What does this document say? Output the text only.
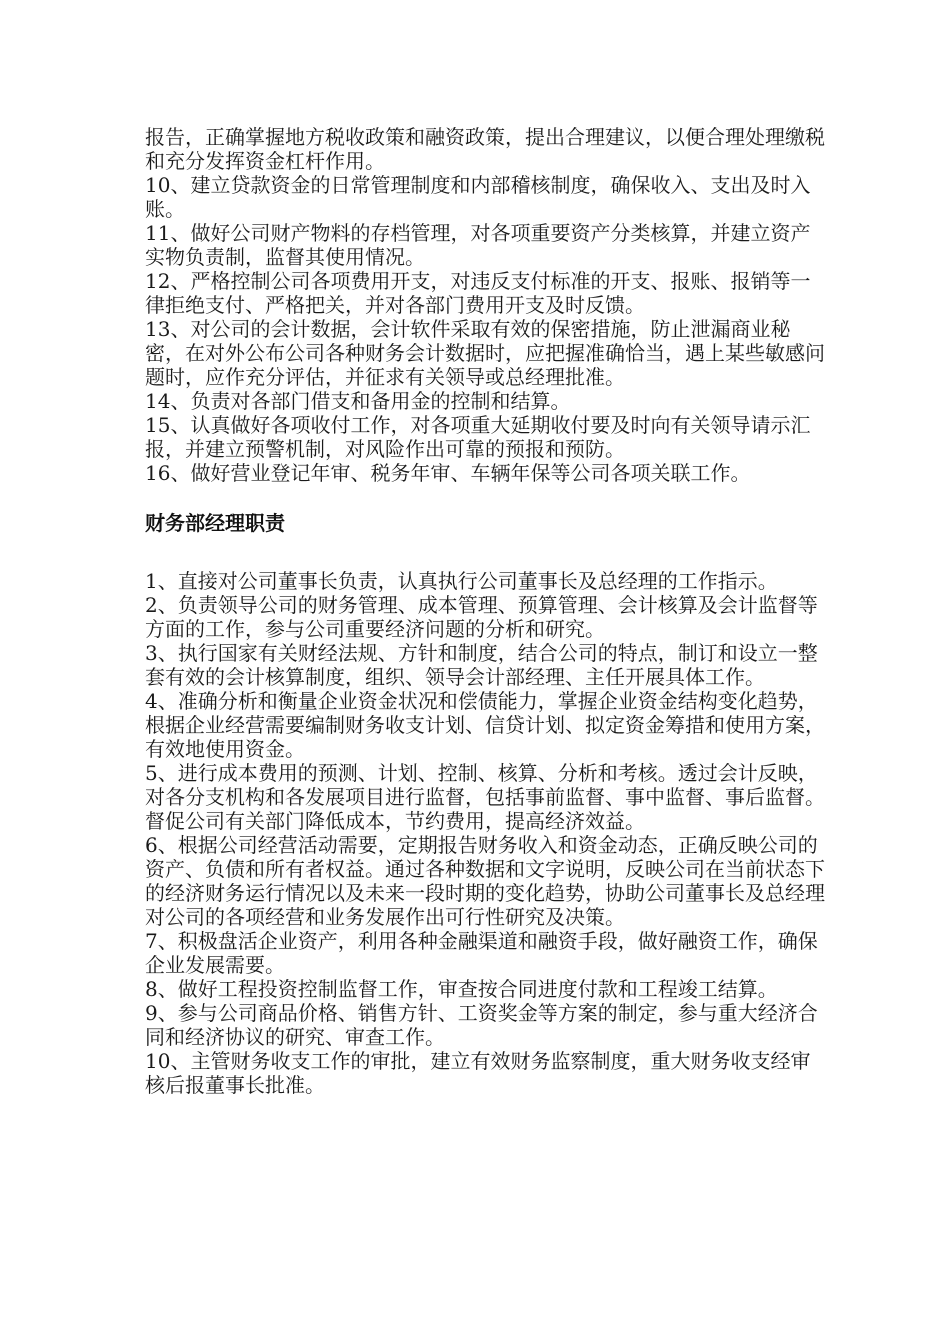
报告，正确掌握地方税收政策和融资政策，提出合理建议，以便合理处理缴税和充分发挥资金杠杆作用。

10、建立贷款资金的日常管理制度和内部稽核制度，确保收入、支出及时入账。

11、做好公司财产物料的存档管理，对各项重要资产分类核算，并建立资产实物负责制，监督其使用情况。

12、严格控制公司各项费用开支，对违反支付标准的开支、报账、报销等一律拒绝支付、严格把关，并对各部门费用开支及时反馈。

13、对公司的会计数据，会计软件采取有效的保密措施，防止泄漏商业秘密，在对外公布公司各种财务会计数据时，应把握准确恰当，遇上某些敏感问题时，应作充分评估，并征求有关领导或总经理批准。

14、负责对各部门借支和备用金的控制和结算。

15、认真做好各项收付工作，对各项重大延期收付要及时向有关领导请示汇报，并建立预警机制，对风险作出可靠的预报和预防。

16、做好营业登记年审、税务年审、车辆年保等公司各项关联工作。

财务部经理职责

1、直接对公司董事长负责，认真执行公司董事长及总经理的工作指示。

2、负责领导公司的财务管理、成本管理、预算管理、会计核算及会计监督等方面的工作，参与公司重要经济问题的分析和研究。

3、执行国家有关财经法规、方针和制度，结合公司的特点，制订和设立一整套有效的会计核算制度，组织、领导会计部经理、主任开展具体工作。

4、准确分析和衡量企业资金状况和偿债能力，掌握企业资金结构变化趋势，根据企业经营需要编制财务收支计划、信贷计划、拟定资金筹措和使用方案，有效地使用资金。

5、进行成本费用的预测、计划、控制、核算、分析和考核。透过会计反映，对各分支机构和各发展项目进行监督，包括事前监督、事中监督、事后监督。督促公司有关部门降低成本，节约费用，提高经济效益。

6、根据公司经营活动需要，定期报告财务收入和资金动态，正确反映公司的资产、负债和所有者权益。通过各种数据和文字说明，反映公司在当前状态下的经济财务运行情况以及未来一段时期的变化趋势，协助公司董事长及总经理对公司的各项经营和业务发展作出可行性研究及决策。

7、积极盘活企业资产，利用各种金融渠道和融资手段，做好融资工作，确保企业发展需要。

8、做好工程投资控制监督工作，审查按合同进度付款和工程竣工结算。

9、参与公司商品价格、销售方针、工资奖金等方案的制定，参与重大经济合同和经济协议的研究、审查工作。

10、主管财务收支工作的审批，建立有效财务监察制度，重大财务收支经审核后报董事长批准。
